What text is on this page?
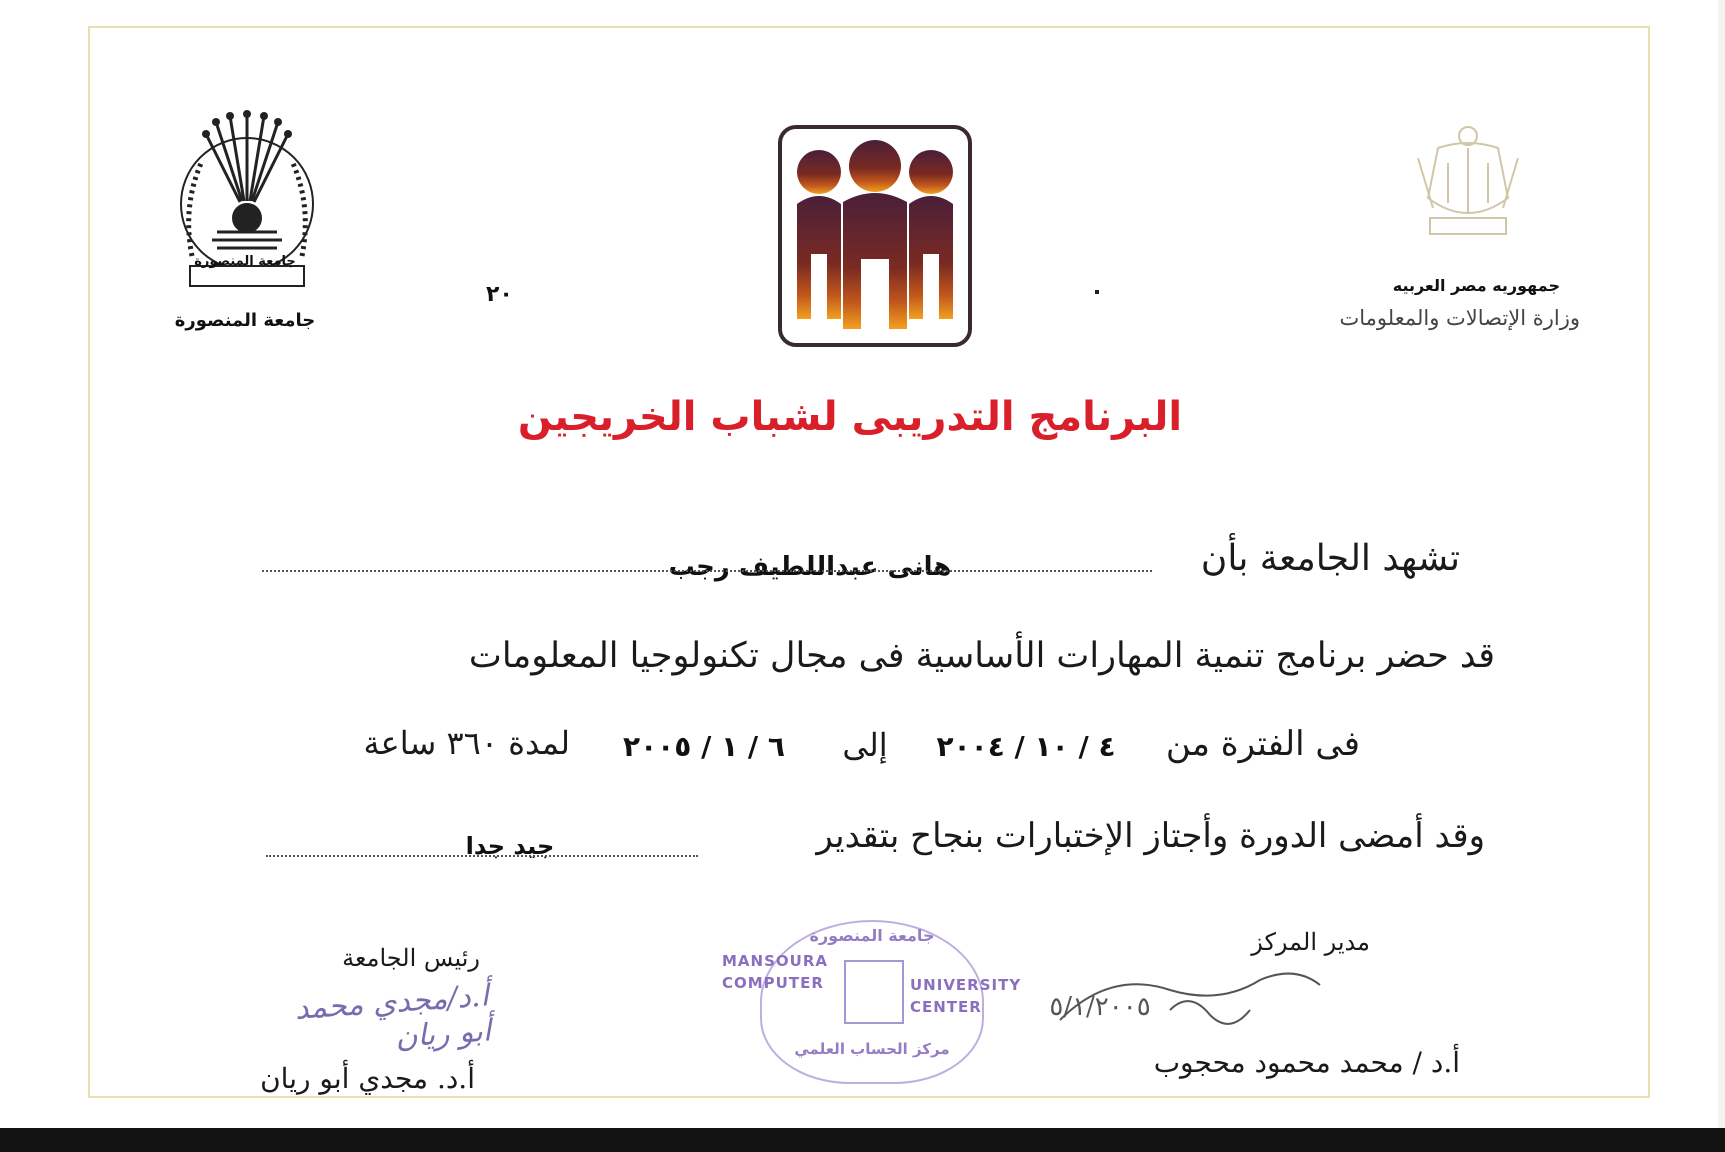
جامعة المنصورة
جامعة المنصورة
٢٠	جمهوريه مصر العربيه
وزارة الإتصالات والمعلومات
البرنامج التدريبى لشباب الخريجين
تشهد الجامعة بأن
هانى عبداللطيف رجب
قد حضر برنامج تنمية المهارات الأساسية فى مجال تكنولوجيا المعلومات
فى الفترة من
٤ / ١٠ / ٢٠٠٤
إلى
٦ / ١ / ٢٠٠٥
لمدة ٣٦٠ ساعة
وقد أمضى الدورة وأجتاز الإختبارات بنجاح بتقدير
جيد جدا
رئيس الجامعة
أ.د/مجدي محمد أبو ريان
أ.د. مجدي أبو ريان
جامعة المنصورة
مركز الحساب العلمي
MANSOURA COMPUTER	UNIVERSITY CENTER
مدير المركز
٥/١/٢٠٠٥
أ.د / محمد محمود محجوب
